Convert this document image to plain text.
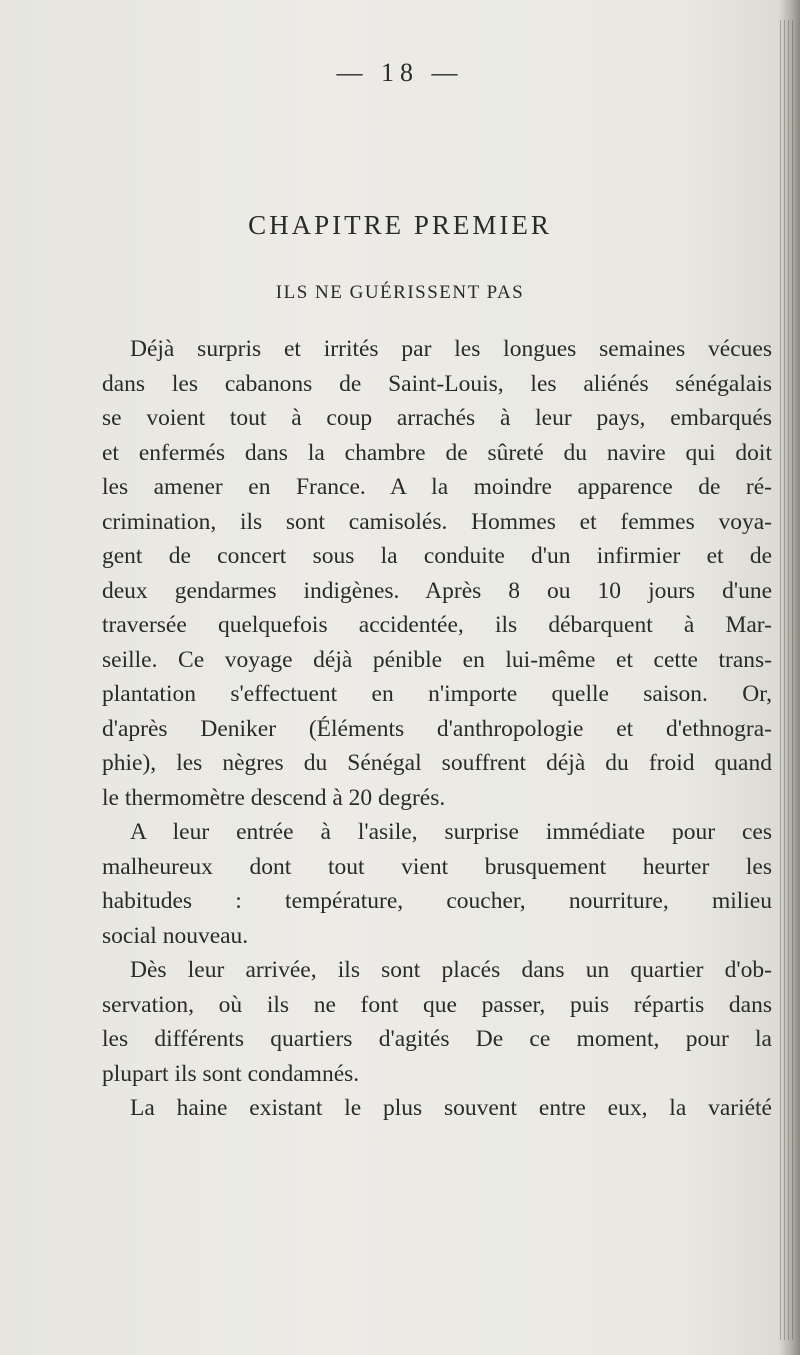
— 18 —
CHAPITRE PREMIER
ILS NE GUÉRISSENT PAS
Déjà surpris et irrités par les longues semaines vécues
dans les cabanons de Saint-Louis, les aliénés sénégalais
se voient tout à coup arrachés à leur pays, embarqués
et enfermés dans la chambre de sûreté du navire qui doit
les amener en France. A la moindre apparence de ré-
crimination, ils sont camisolés. Hommes et femmes voya-
gent de concert sous la conduite d'un infirmier et de
deux gendarmes indigènes. Après 8 ou 10 jours d'une
traversée quelquefois accidentée, ils débarquent à Mar-
seille. Ce voyage déjà pénible en lui-même et cette trans-
plantation s'effectuent en n'importe quelle saison. Or,
d'après Deniker (Éléments d'anthropologie et d'ethnogra-
phie), les nègres du Sénégal souffrent déjà du froid quand
le thermomètre descend à 20 degrés.
A leur entrée à l'asile, surprise immédiate pour ces
malheureux dont tout vient brusquement heurter les
habitudes : température, coucher, nourriture, milieu
social nouveau.
Dès leur arrivée, ils sont placés dans un quartier d'ob-
servation, où ils ne font que passer, puis répartis dans
les différents quartiers d'agités De ce moment, pour la
plupart ils sont condamnés.
La haine existant le plus souvent entre eux, la variété
